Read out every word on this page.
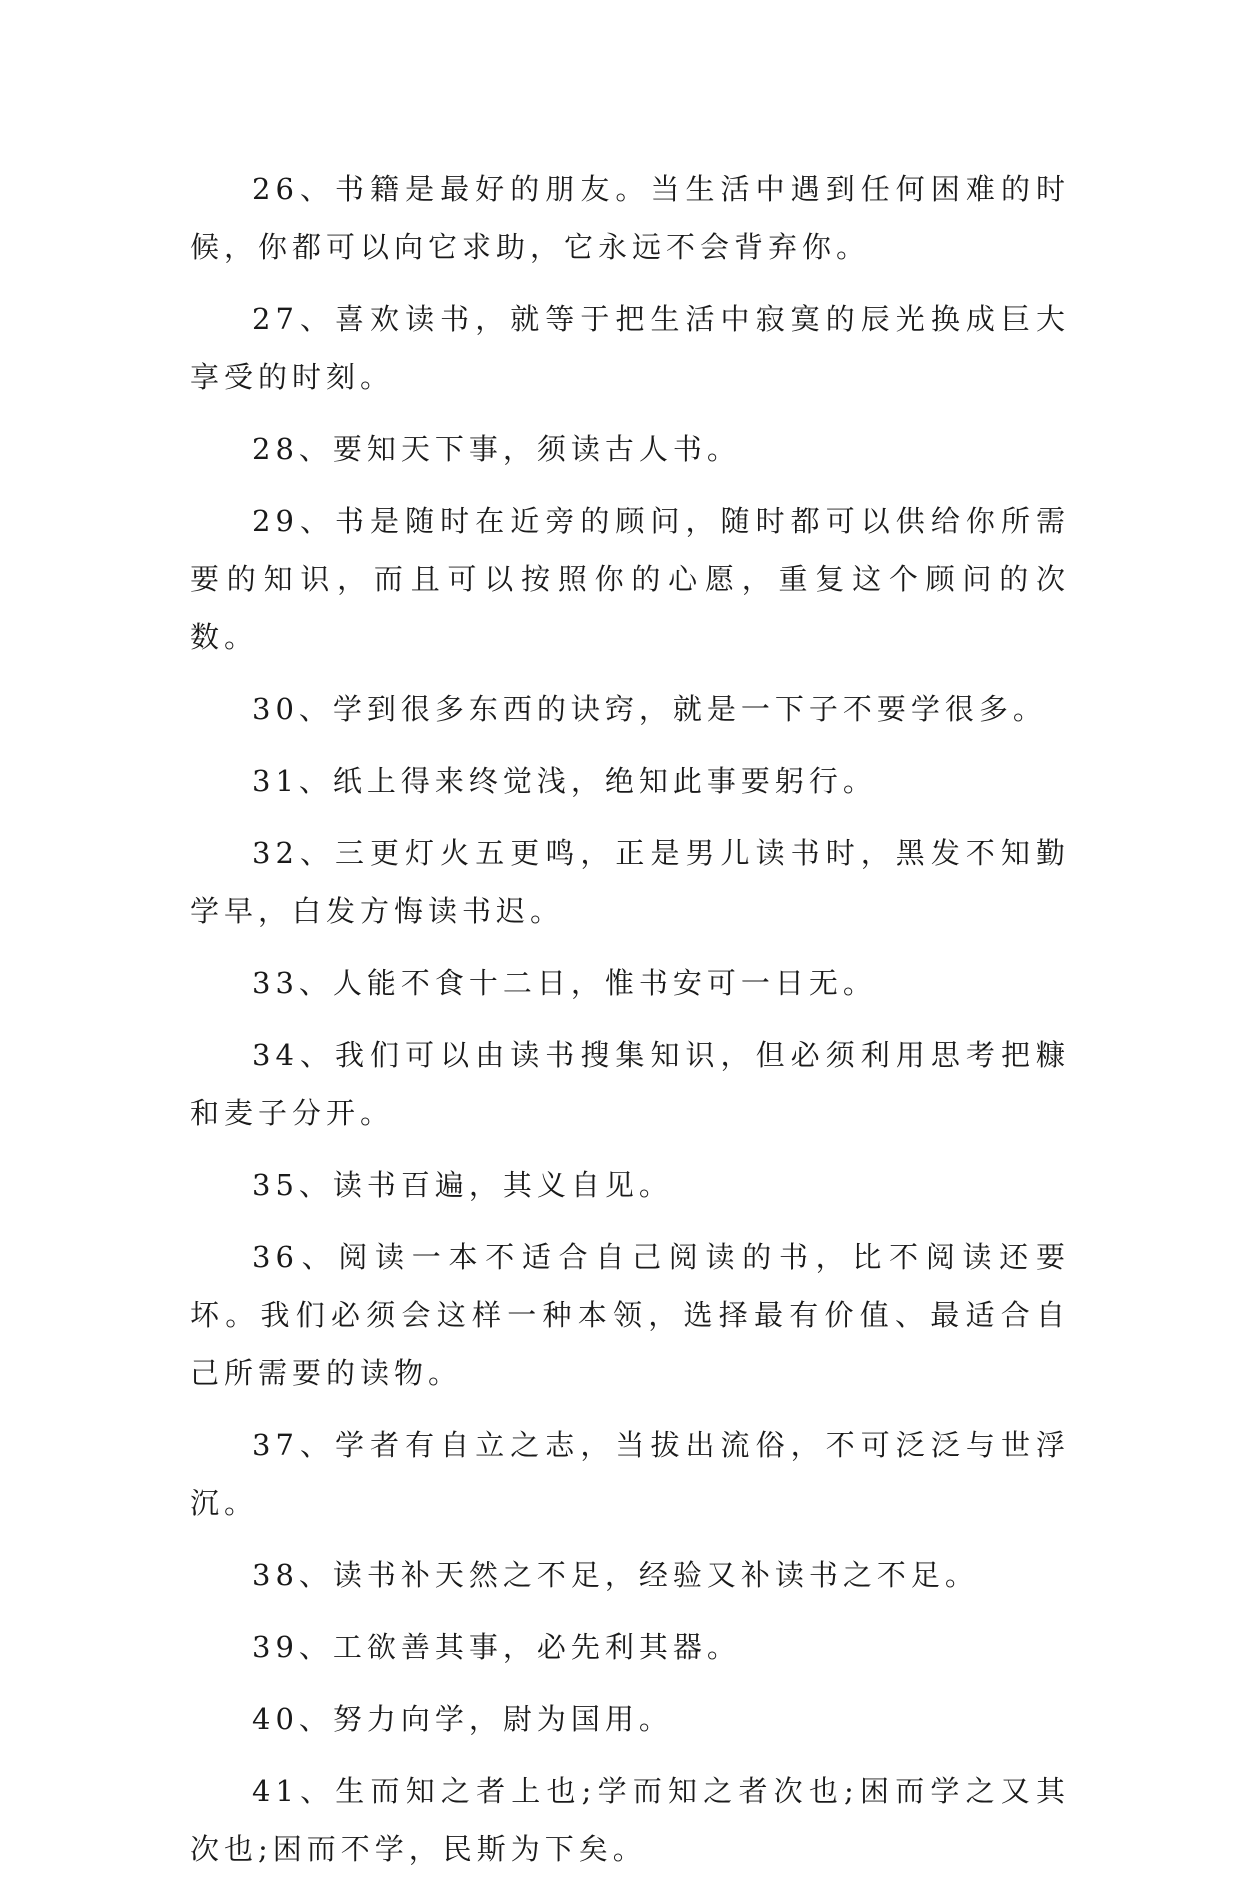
26、书籍是最好的朋友。当生活中遇到任何困难的时候，你都可以向它求助，它永远不会背弃你。

27、喜欢读书，就等于把生活中寂寞的辰光换成巨大享受的时刻。

28、要知天下事，须读古人书。

29、书是随时在近旁的顾问，随时都可以供给你所需要的知识，而且可以按照你的心愿，重复这个顾问的次数。

30、学到很多东西的诀窍，就是一下子不要学很多。

31、纸上得来终觉浅，绝知此事要躬行。

32、三更灯火五更鸣，正是男儿读书时，黑发不知勤学早，白发方悔读书迟。

33、人能不食十二日，惟书安可一日无。

34、我们可以由读书搜集知识，但必须利用思考把糠和麦子分开。

35、读书百遍，其义自见。

36、阅读一本不适合自己阅读的书，比不阅读还要坏。我们必须会这样一种本领，选择最有价值、最适合自己所需要的读物。

37、学者有自立之志，当拔出流俗，不可泛泛与世浮沉。

38、读书补天然之不足，经验又补读书之不足。

39、工欲善其事，必先利其器。

40、努力向学，尉为国用。

41、生而知之者上也;学而知之者次也;困而学之又其次也;困而不学，民斯为下矣。
